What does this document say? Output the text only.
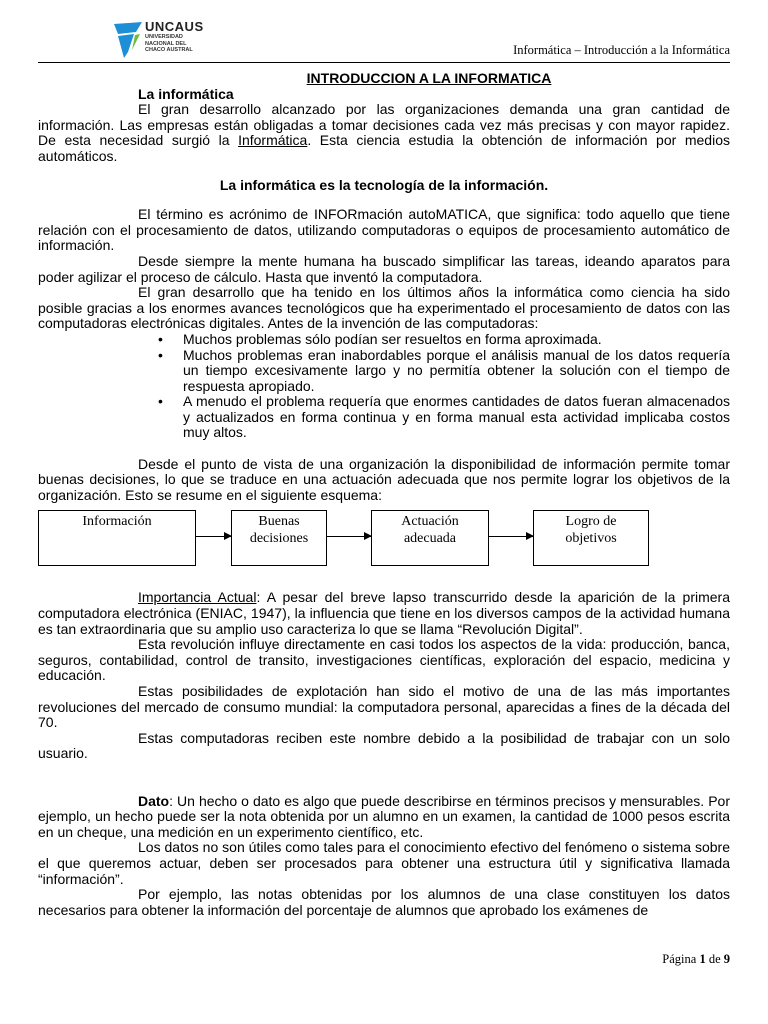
UNCAUS
UNIVERSIDAD
NACIONAL DEL
CHACO AUSTRAL	Informática – Introducción a la Informática

INTRODUCCION A LA INFORMATICA

La informática

El gran desarrollo alcanzado por las organizaciones demanda una gran cantidad de información. Las empresas están obligadas a tomar decisiones cada vez más precisas y con mayor rapidez. De esta necesidad surgió la Informática. Esta ciencia estudia la obtención de información por medios automáticos.

La informática es la tecnología de la información.

El término es acrónimo de INFORmación autoMATICA, que significa: todo aquello que tiene relación con el procesamiento de datos, utilizando computadoras o equipos de procesamiento automático de información.

Desde siempre la mente humana ha buscado simplificar las tareas, ideando aparatos para poder agilizar el proceso de cálculo. Hasta que inventó la computadora.

El gran desarrollo que ha tenido en los últimos años la informática como ciencia ha sido posible gracias a los enormes avances tecnológicos que ha experimentado el procesamiento de datos con las computadoras electrónicas digitales. Antes de la invención de las computadoras:

• Muchos problemas sólo podían ser resueltos en forma aproximada.
• Muchos problemas eran inabordables porque el análisis manual de los datos requería un tiempo excesivamente largo y no permitía obtener la solución con el tiempo de respuesta apropiado.
• A menudo el problema requería que enormes cantidades de datos fueran almacenados y actualizados en forma continua y en forma manual esta actividad implicaba costos muy altos.

Desde el punto de vista de una organización la disponibilidad de información permite tomar buenas decisiones, lo que se traduce en una actuación adecuada que nos permite lograr los objetivos de la organización. Esto se resume en el siguiente esquema:

Información	Buenas
decisiones
Actuación
adecuada
Logro de
objetivos

Importancia Actual: A pesar del breve lapso transcurrido desde la aparición de la primera computadora electrónica (ENIAC, 1947), la influencia que tiene en los diversos campos de la actividad humana es tan extraordinaria que su amplio uso caracteriza lo que se llama “Revolución Digital”.

Esta revolución influye directamente en casi todos los aspectos de la vida: producción, banca, seguros, contabilidad, control de transito, investigaciones científicas, exploración del espacio, medicina y educación.

Estas posibilidades de explotación han sido el motivo de una de las más importantes revoluciones del mercado de consumo mundial: la computadora personal, aparecidas a fines de la década del 70.

Estas computadoras reciben este nombre debido a la posibilidad de trabajar con un solo usuario.

Dato: Un hecho o dato es algo que puede describirse en términos precisos y mensurables. Por ejemplo, un hecho puede ser la nota obtenida por un alumno en un examen, la cantidad de 1000 pesos escrita en un cheque, una medición en un experimento científico, etc.

Los datos no son útiles como tales para el conocimiento efectivo del fenómeno o sistema sobre el que queremos actuar, deben ser procesados para obtener una estructura útil y significativa llamada “información”.

Por ejemplo, las notas obtenidas por los alumnos de una clase constituyen los datos necesarios para obtener la información del porcentaje de alumnos que aprobado los exámenes de

Página 1 de 9
